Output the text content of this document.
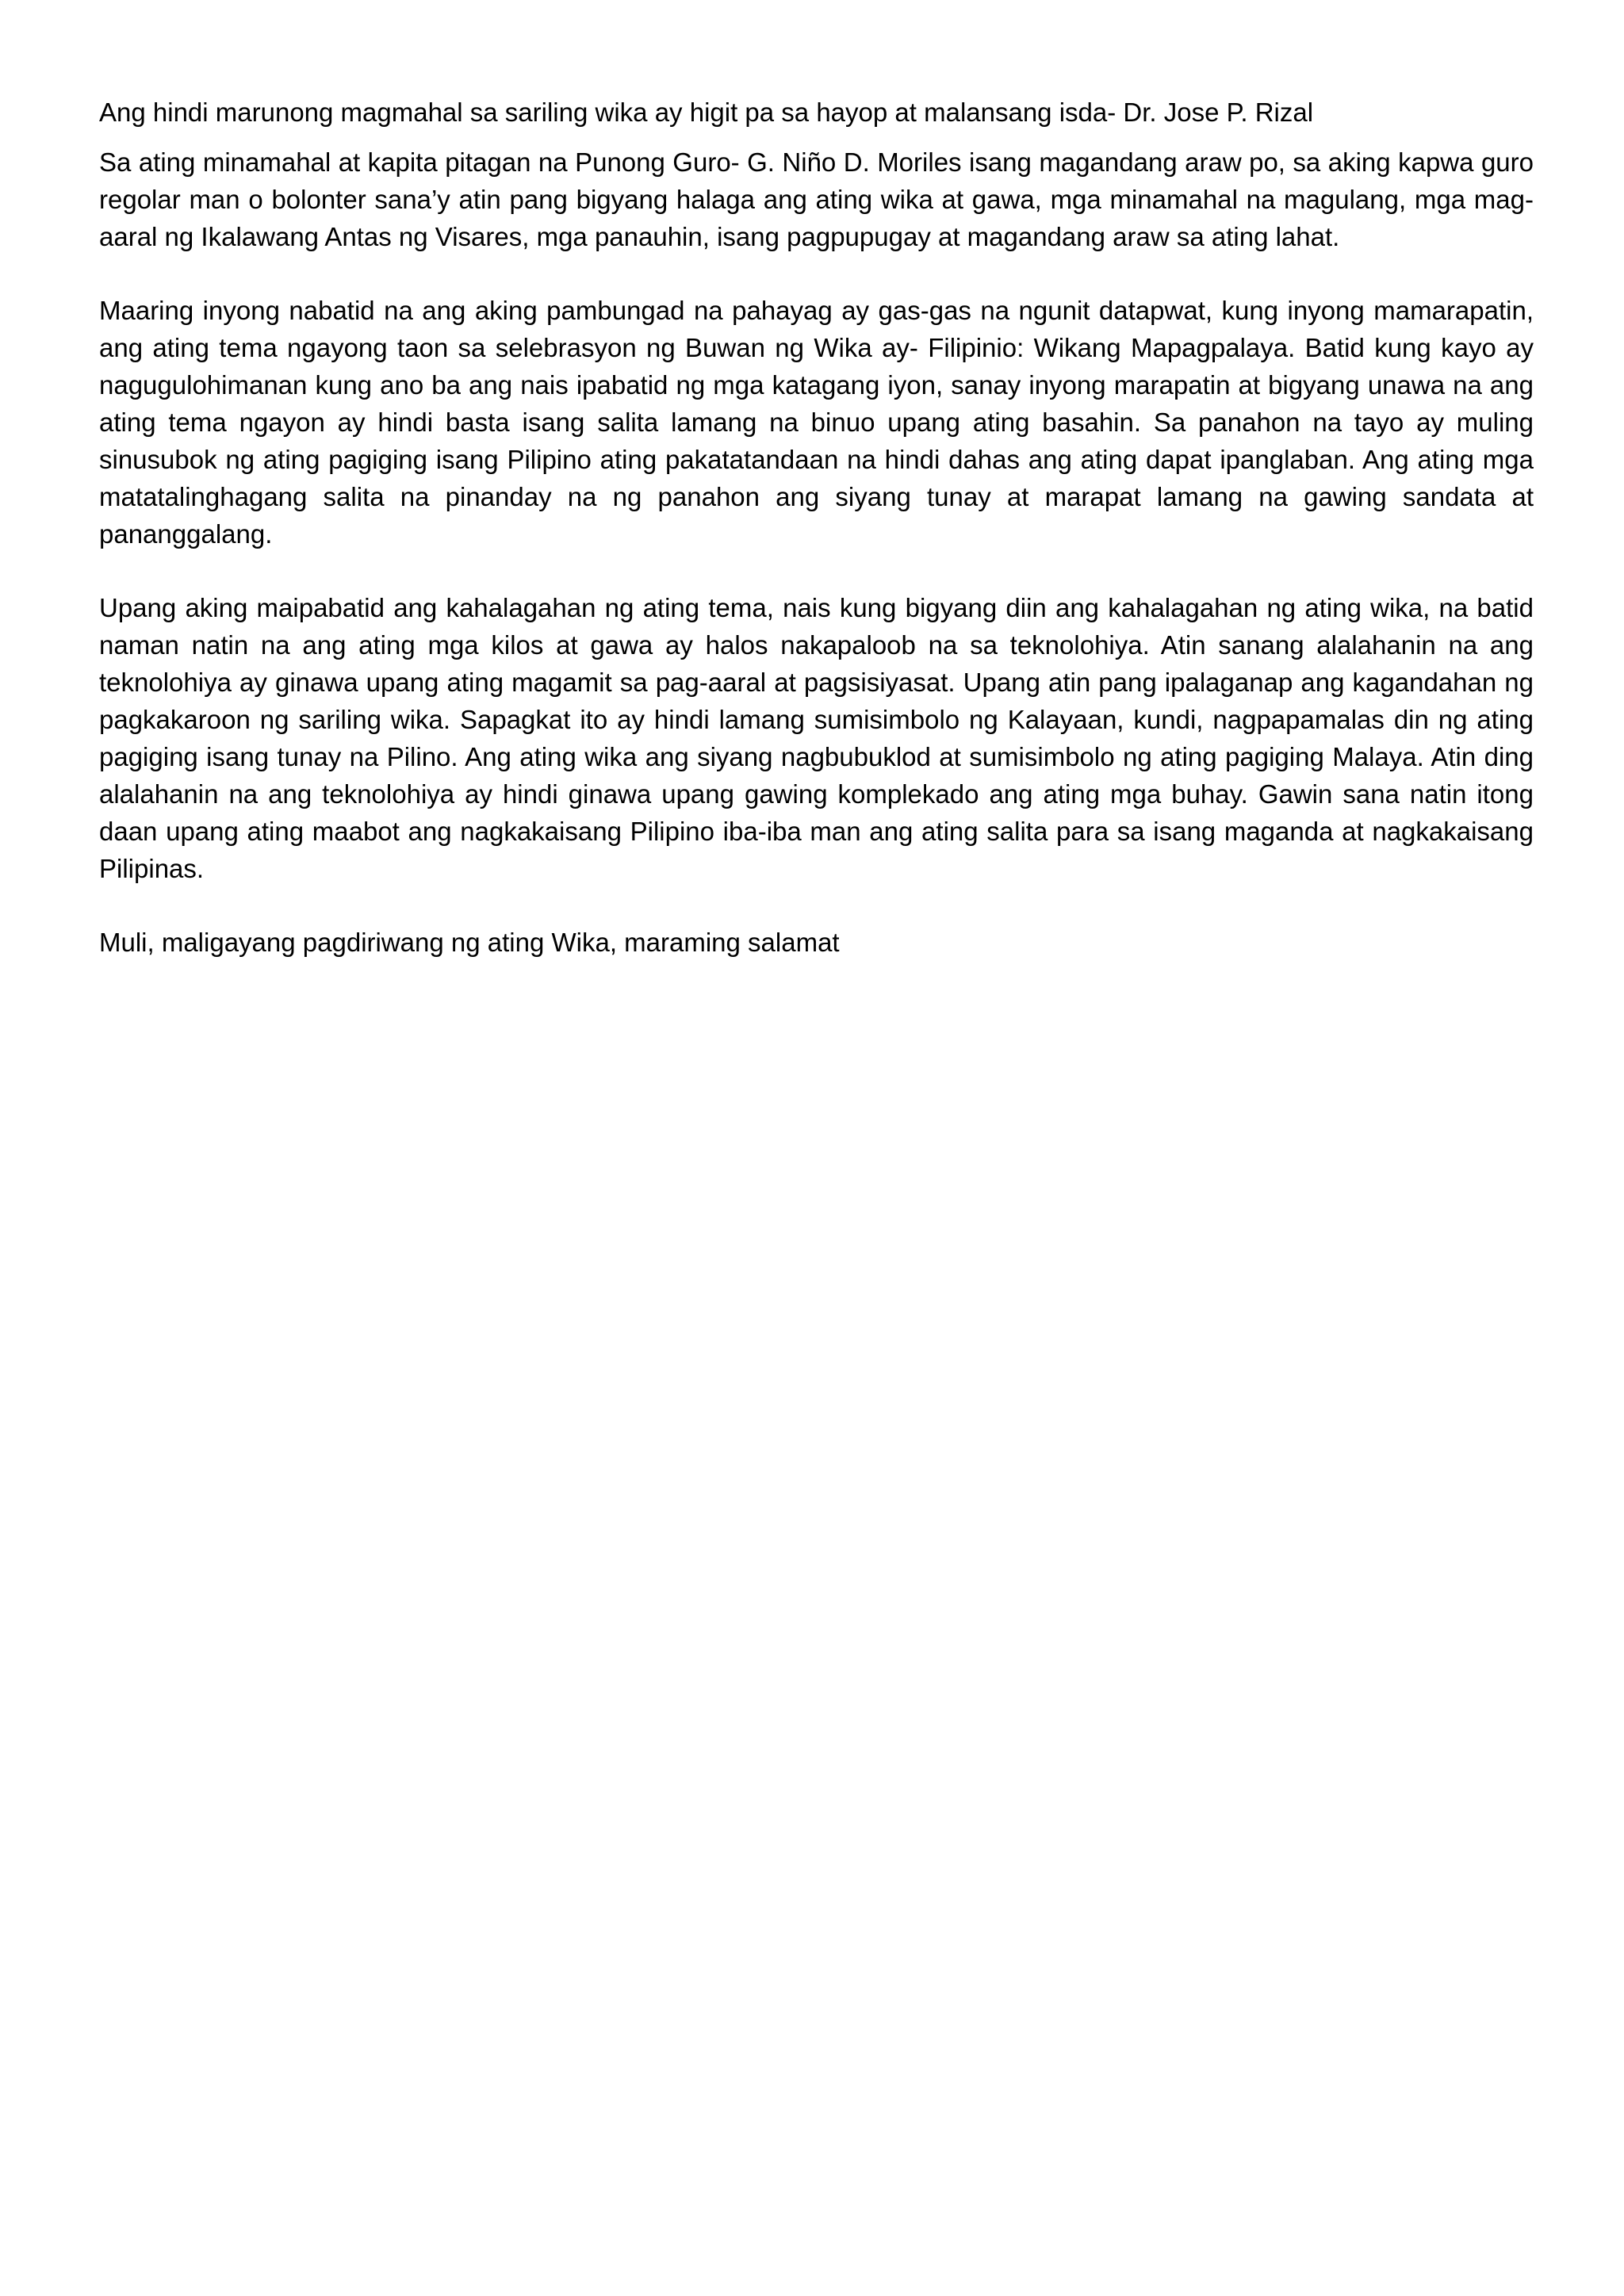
Ang hindi marunong magmahal sa sariling wika ay higit pa sa hayop at malansang isda- Dr. Jose P. Rizal

Sa ating minamahal at kapita pitagan na Punong Guro- G. Niño D. Moriles isang magandang araw po, sa aking kapwa guro regolar man o bolonter sana’y atin pang bigyang halaga ang ating wika at gawa, mga minamahal na magulang, mga mag-aaral ng Ikalawang Antas ng Visares, mga panauhin, isang pagpupugay at magandang araw sa ating lahat.

Maaring inyong nabatid na ang aking pambungad na pahayag ay gas-gas na ngunit datapwat, kung inyong mamarapatin, ang ating tema ngayong taon sa selebrasyon ng Buwan ng Wika ay- Filipinio: Wikang Mapagpalaya. Batid kung kayo ay nagugulohimanan kung ano ba ang nais ipabatid ng mga katagang iyon, sanay inyong marapatin at bigyang unawa na ang ating tema ngayon ay hindi basta isang salita lamang na binuo upang ating basahin. Sa panahon na tayo ay muling sinusubok ng ating pagiging isang Pilipino ating pakatatandaan na hindi dahas ang ating dapat ipanglaban. Ang ating mga matatalinghagang salita na pinanday na ng panahon ang siyang tunay at marapat lamang na gawing sandata at pananggalang.

Upang aking maipabatid ang kahalagahan ng ating tema, nais kung bigyang diin ang kahalagahan ng ating wika, na batid naman natin na ang ating mga kilos at gawa ay halos nakapaloob na sa teknolohiya. Atin sanang alalahanin na ang teknolohiya ay ginawa upang ating magamit sa pag-aaral at pagsisiyasat. Upang atin pang ipalaganap ang kagandahan ng pagkakaroon ng sariling wika. Sapagkat ito ay hindi lamang sumisimbolo ng Kalayaan, kundi, nagpapamalas din ng ating pagiging isang tunay na Pilino. Ang ating wika ang siyang nagbubuklod at sumisimbolo ng ating pagiging Malaya. Atin ding alalahanin na ang teknolohiya ay hindi ginawa upang gawing komplekado ang ating mga buhay. Gawin sana natin itong daan upang ating maabot ang nagkakaisang Pilipino iba-iba man ang ating salita para sa isang maganda at nagkakaisang Pilipinas.

Muli, maligayang pagdiriwang ng ating Wika, maraming salamat
